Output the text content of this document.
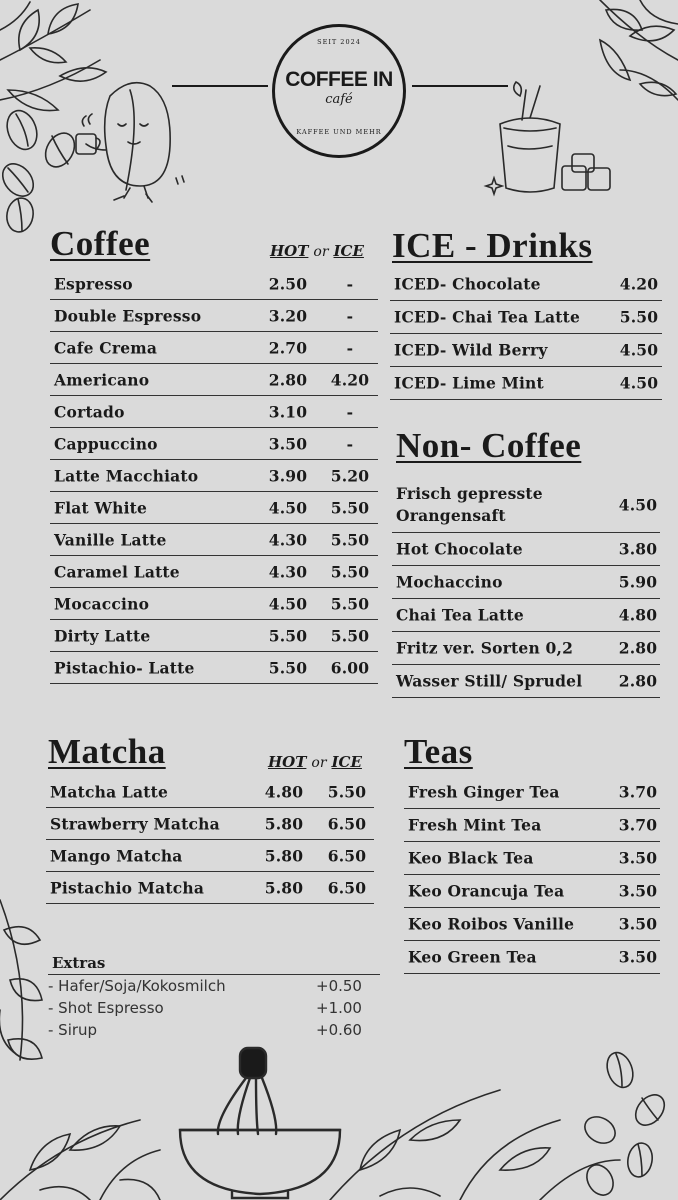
SEIT 2024
COFFEE IN
café
KAFFEE UND MEHR
Coffee	HOT or ICE
Espresso	2.50	-
Double Espresso	3.20	-
Cafe Crema	2.70	-
Americano	2.80 4.20
Cortado	3.10	-
Cappuccino	3.50	-
Latte Macchiato	3.90 5.20
Flat White	4.50 5.50
Vanille Latte	4.30 5.50
Caramel Latte	4.30 5.50
Mocaccino	4.50 5.50
Dirty Latte	5.50 5.50
Pistachio- Latte	5.50 6.00
ICE - Drinks
ICED- Chocolate	4.20
ICED- Chai Tea Latte	5.50
ICED- Wild Berry	4.50
ICED- Lime Mint	4.50
Non- Coffee
Frisch gepresste Orangensaft
4.50
Hot Chocolate	3.80
Mochaccino	5.90
Chai Tea Latte	4.80
Fritz ver. Sorten 0,2	2.80
Wasser Still/ Sprudel 2.80
Matcha	HOT or ICE
Matcha Latte	4.80 5.50
Strawberry Matcha	5.80 6.50
Mango Matcha	5.80 6.50
Pistachio Matcha	5.80 6.50
Teas
Fresh Ginger Tea	3.70
Fresh Mint Tea	3.70
Keo Black Tea	3.50
Keo Orancuja Tea	3.50
Keo Roibos Vanille	3.50
Keo Green Tea	3.50
Extras
- Hafer/Soja/Kokosmilch	+0.50
- Shot Espresso	+1.00
- Sirup	+0.60
